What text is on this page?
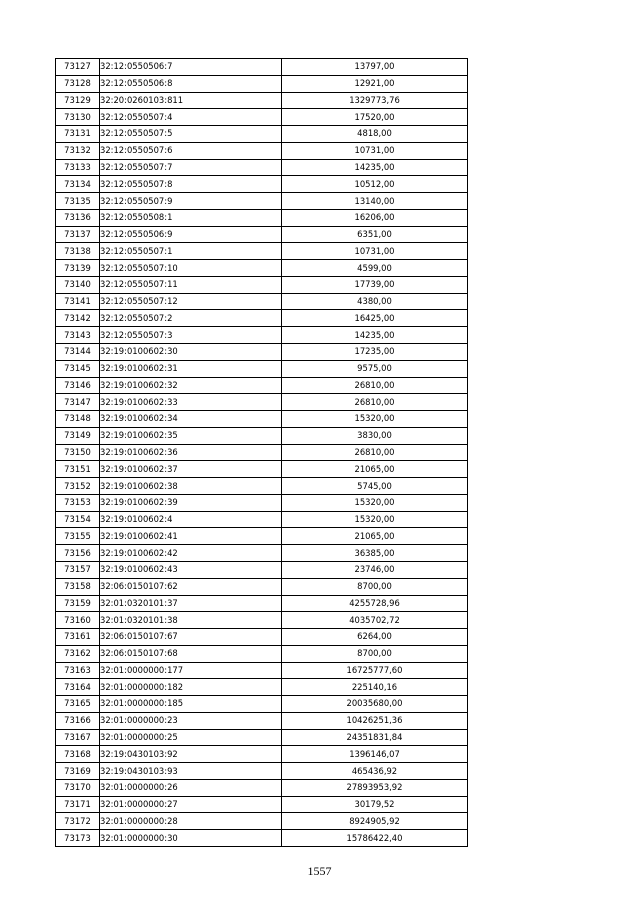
73127	32:12:0550506:7	13797,00
73128	32:12:0550506:8	12921,00
73129	32:20:0260103:811	1329773,76
73130	32:12:0550507:4	17520,00
73131	32:12:0550507:5	4818,00
73132	32:12:0550507:6	10731,00
73133	32:12:0550507:7	14235,00
73134	32:12:0550507:8	10512,00
73135	32:12:0550507:9	13140,00
73136	32:12:0550508:1	16206,00
73137	32:12:0550506:9	6351,00
73138	32:12:0550507:1	10731,00
73139	32:12:0550507:10	4599,00
73140	32:12:0550507:11	17739,00
73141	32:12:0550507:12	4380,00
73142	32:12:0550507:2	16425,00
73143	32:12:0550507:3	14235,00
73144	32:19:0100602:30	17235,00
73145	32:19:0100602:31	9575,00
73146	32:19:0100602:32	26810,00
73147	32:19:0100602:33	26810,00
73148	32:19:0100602:34	15320,00
73149	32:19:0100602:35	3830,00
73150	32:19:0100602:36	26810,00
73151	32:19:0100602:37	21065,00
73152	32:19:0100602:38	5745,00
73153	32:19:0100602:39	15320,00
73154	32:19:0100602:4	15320,00
73155	32:19:0100602:41	21065,00
73156	32:19:0100602:42	36385,00
73157	32:19:0100602:43	23746,00
73158	32:06:0150107:62	8700,00
73159	32:01:0320101:37	4255728,96
73160	32:01:0320101:38	4035702,72
73161	32:06:0150107:67	6264,00
73162	32:06:0150107:68	8700,00
73163	32:01:0000000:177	16725777,60
73164	32:01:0000000:182	225140,16
73165	32:01:0000000:185	20035680,00
73166	32:01:0000000:23	10426251,36
73167	32:01:0000000:25	24351831,84
73168	32:19:0430103:92	1396146,07
73169	32:19:0430103:93	465436,92
73170	32:01:0000000:26	27893953,92
73171	32:01:0000000:27	30179,52
73172	32:01:0000000:28	8924905,92
73173	32:01:0000000:30	15786422,40
1557
